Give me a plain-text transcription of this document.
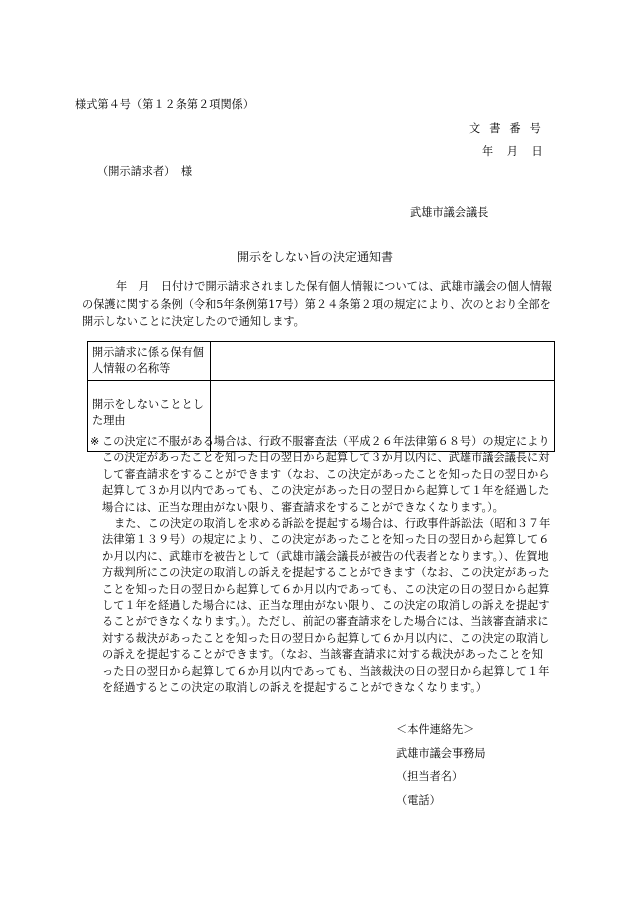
様式第４号（第１２条第２項関係）
文書番号
年 月 日
（開示請求者）　様
武雄市議会議長
開示をしない旨の決定通知書
年　月　日付けで開示請求されました保有個人情報については、武雄市議会の個人情報の保護に関する条例（令和5年条例第17号）第２４条第２項の規定により、次のとおり全部を開示しないことに決定したので通知します。
開示請求に係る保有個人情報の名称等	
開示をしないこととした理由	

※ この決定に不服がある場合は、行政不服審査法（平成２６年法律第６８号）の規定によりこの決定があったことを知った日の翌日から起算して３か月以内に、武雄市議会議長に対して審査請求をすることができます（なお、この決定があったことを知った日の翌日から起算して３か月以内であっても、この決定があった日の翌日から起算して１年を経過した場合には、正当な理由がない限り、審査請求をすることができなくなります。）。

また、この決定の取消しを求める訴訟を提起する場合は、行政事件訴訟法（昭和３７年法律第１３９号）の規定により、この決定があったことを知った日の翌日から起算して６か月以内に、武雄市を被告として（武雄市議会議長が被告の代表者となります。）、佐賀地方裁判所にこの決定の取消しの訴えを提起することができます（なお、この決定があったことを知った日の翌日から起算して６か月以内であっても、この決定の日の翌日から起算して１年を経過した場合には、正当な理由がない限り、この決定の取消しの訴えを提起することができなくなります。）。ただし、前記の審査請求をした場合には、当該審査請求に対する裁決があったことを知った日の翌日から起算して６か月以内に、この決定の取消しの訴えを提起することができます。（なお、当該審査請求に対する裁決があったことを知った日の翌日から起算して６か月以内であっても、当該裁決の日の翌日から起算して１年を経過するとこの決定の取消しの訴えを提起することができなくなります。）

＜本件連絡先＞
武雄市議会事務局
（担当者名）
（電話）
